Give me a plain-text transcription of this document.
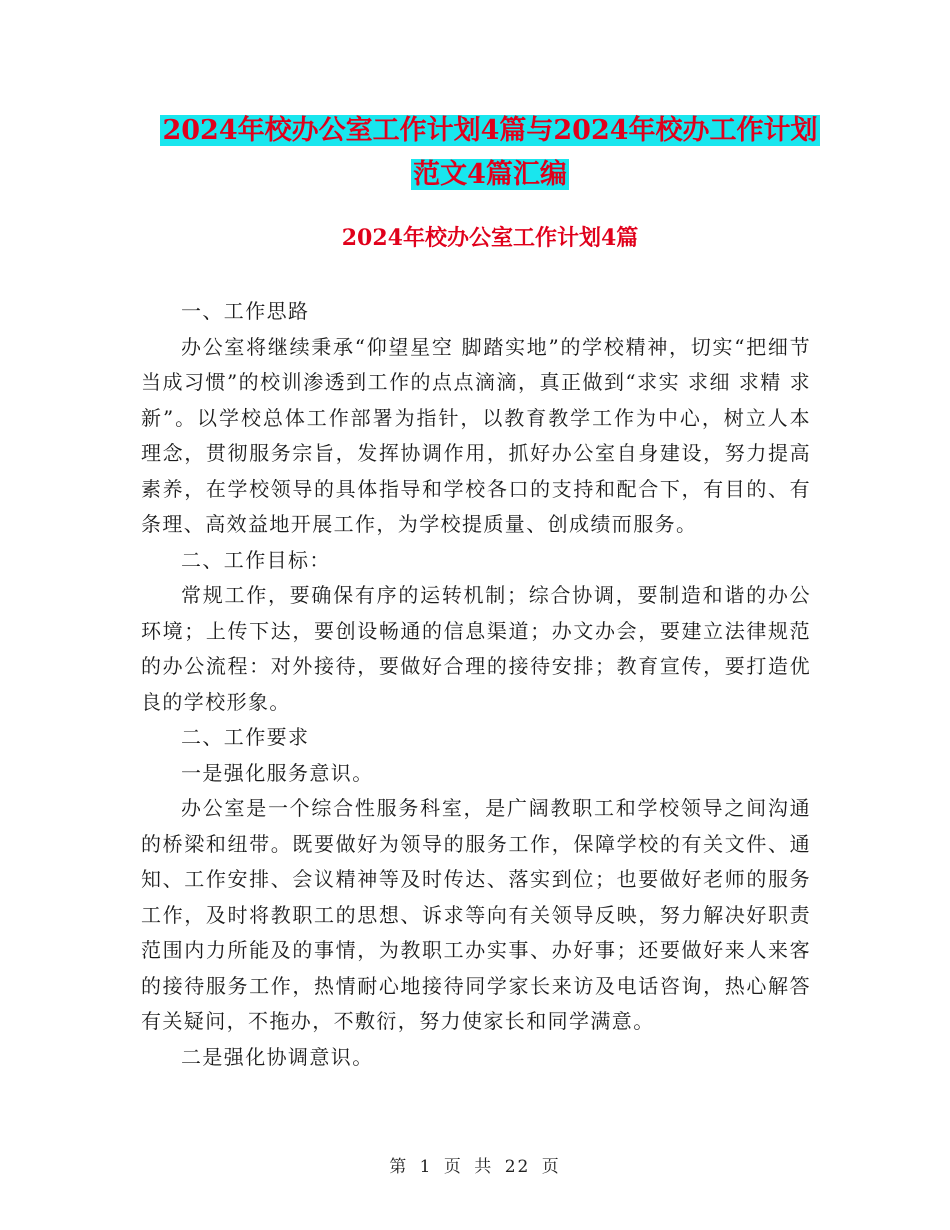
2024年校办公室工作计划4篇与2024年校办工作计划
范文4篇汇编
2024年校办公室工作计划4篇

一、工作思路

办公室将继续秉承“仰望星空 脚踏实地”的学校精神，切实“把细节当成习惯”的校训渗透到工作的点点滴滴，真正做到“求实 求细 求精 求新”。以学校总体工作部署为指针，以教育教学工作为中心，树立人本理念，贯彻服务宗旨，发挥协调作用，抓好办公室自身建设，努力提高素养，在学校领导的具体指导和学校各口的支持和配合下，有目的、有条理、高效益地开展工作，为学校提质量、创成绩而服务。

二、工作目标：

常规工作，要确保有序的运转机制；综合协调，要制造和谐的办公环境；上传下达，要创设畅通的信息渠道；办文办会，要建立法律规范的办公流程：对外接待，要做好合理的接待安排；教育宣传，要打造优良的学校形象。

二、工作要求

一是强化服务意识。

办公室是一个综合性服务科室，是广阔教职工和学校领导之间沟通的桥梁和纽带。既要做好为领导的服务工作，保障学校的有关文件、通知、工作安排、会议精神等及时传达、落实到位；也要做好老师的服务工作，及时将教职工的思想、诉求等向有关领导反映，努力解决好职责范围内力所能及的事情，为教职工办实事、办好事；还要做好来人来客的接待服务工作，热情耐心地接待同学家长来访及电话咨询，热心解答有关疑问，不拖办，不敷衍，努力使家长和同学满意。

二是强化协调意识。

第 1 页 共 22 页
